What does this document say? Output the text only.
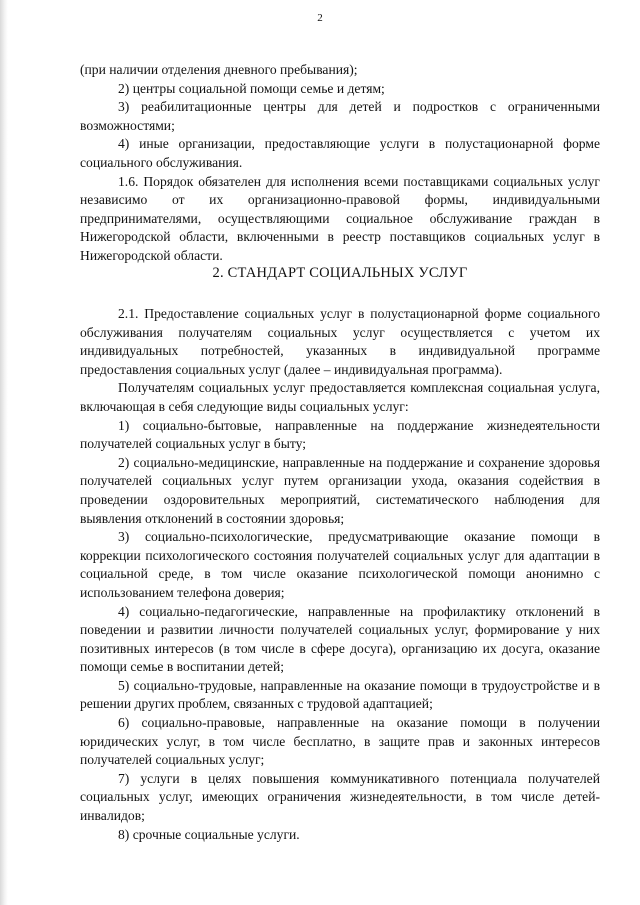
2

(при наличии отделения дневного пребывания);

2) центры социальной помощи семье и детям;

3) реабилитационные центры для детей и подростков с ограниченными возможностями;

4) иные организации, предоставляющие услуги в полустационарной форме социального обслуживания.

1.6. Порядок обязателен для исполнения всеми поставщиками социальных услуг независимо от их организационно-правовой формы, индивидуальными предпринимателями, осуществляющими социальное обслуживание граждан в Нижегородской области, включенными в реестр поставщиков социальных услуг в Нижегородской области.

2. СТАНДАРТ СОЦИАЛЬНЫХ УСЛУГ

2.1. Предоставление социальных услуг в полустационарной форме социального обслуживания получателям социальных услуг осуществляется с учетом их индивидуальных потребностей, указанных в индивидуальной программе предоставления социальных услуг (далее – индивидуальная программа).

Получателям социальных услуг предоставляется комплексная социальная услуга, включающая в себя следующие виды социальных услуг:

1) социально-бытовые, направленные на поддержание жизнедеятельности получателей социальных услуг в быту;

2) социально-медицинские, направленные на поддержание и сохранение здоровья получателей социальных услуг путем организации ухода, оказания содействия в проведении оздоровительных мероприятий, систематического наблюдения для выявления отклонений в состоянии здоровья;

3) социально-психологические, предусматривающие оказание помощи в коррекции психологического состояния получателей социальных услуг для адаптации в социальной среде, в том числе оказание психологической помощи анонимно с использованием телефона доверия;

4) социально-педагогические, направленные на профилактику отклонений в поведении и развитии личности получателей социальных услуг, формирование у них позитивных интересов (в том числе в сфере досуга), организацию их досуга, оказание помощи семье в воспитании детей;

5) социально-трудовые, направленные на оказание помощи в трудоустройстве и в решении других проблем, связанных с трудовой адаптацией;

6) социально-правовые, направленные на оказание помощи в получении юридических услуг, в том числе бесплатно, в защите прав и законных интересов получателей социальных услуг;

7) услуги в целях повышения коммуникативного потенциала получателей социальных услуг, имеющих ограничения жизнедеятельности, в том числе детей-инвалидов;

8) срочные социальные услуги.
